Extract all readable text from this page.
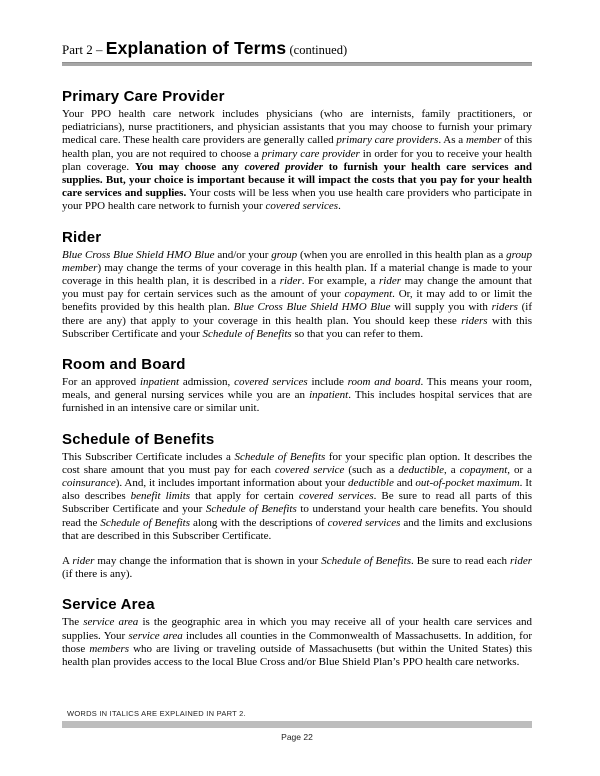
Part 2 – Explanation of Terms (continued)
Primary Care Provider

Your PPO health care network includes physicians (who are internists, family practitioners, or pediatricians), nurse practitioners, and physician assistants that you may choose to furnish your primary medical care. These health care providers are generally called primary care providers. As a member of this health plan, you are not required to choose a primary care provider in order for you to receive your health plan coverage. You may choose any covered provider to furnish your health care services and supplies. But, your choice is important because it will impact the costs that you pay for your health care services and supplies. Your costs will be less when you use health care providers who participate in your PPO health care network to furnish your covered services.

Rider

Blue Cross Blue Shield HMO Blue and/or your group (when you are enrolled in this health plan as a group member) may change the terms of your coverage in this health plan. If a material change is made to your coverage in this health plan, it is described in a rider. For example, a rider may change the amount that you must pay for certain services such as the amount of your copayment. Or, it may add to or limit the benefits provided by this health plan. Blue Cross Blue Shield HMO Blue will supply you with riders (if there are any) that apply to your coverage in this health plan. You should keep these riders with this Subscriber Certificate and your Schedule of Benefits so that you can refer to them.

Room and Board

For an approved inpatient admission, covered services include room and board. This means your room, meals, and general nursing services while you are an inpatient. This includes hospital services that are furnished in an intensive care or similar unit.

Schedule of Benefits

This Subscriber Certificate includes a Schedule of Benefits for your specific plan option. It describes the cost share amount that you must pay for each covered service (such as a deductible, a copayment, or a coinsurance). And, it includes important information about your deductible and out-of-pocket maximum. It also describes benefit limits that apply for certain covered services. Be sure to read all parts of this Subscriber Certificate and your Schedule of Benefits to understand your health care benefits. You should read the Schedule of Benefits along with the descriptions of covered services and the limits and exclusions that are described in this Subscriber Certificate.

A rider may change the information that is shown in your Schedule of Benefits. Be sure to read each rider (if there is any).

Service Area

The service area is the geographic area in which you may receive all of your health care services and supplies. Your service area includes all counties in the Commonwealth of Massachusetts. In addition, for those members who are living or traveling outside of Massachusetts (but within the United States) this health plan provides access to the local Blue Cross and/or Blue Shield Plan’s PPO health care networks.

WORDS IN ITALICS ARE EXPLAINED IN PART 2.
Page 22
